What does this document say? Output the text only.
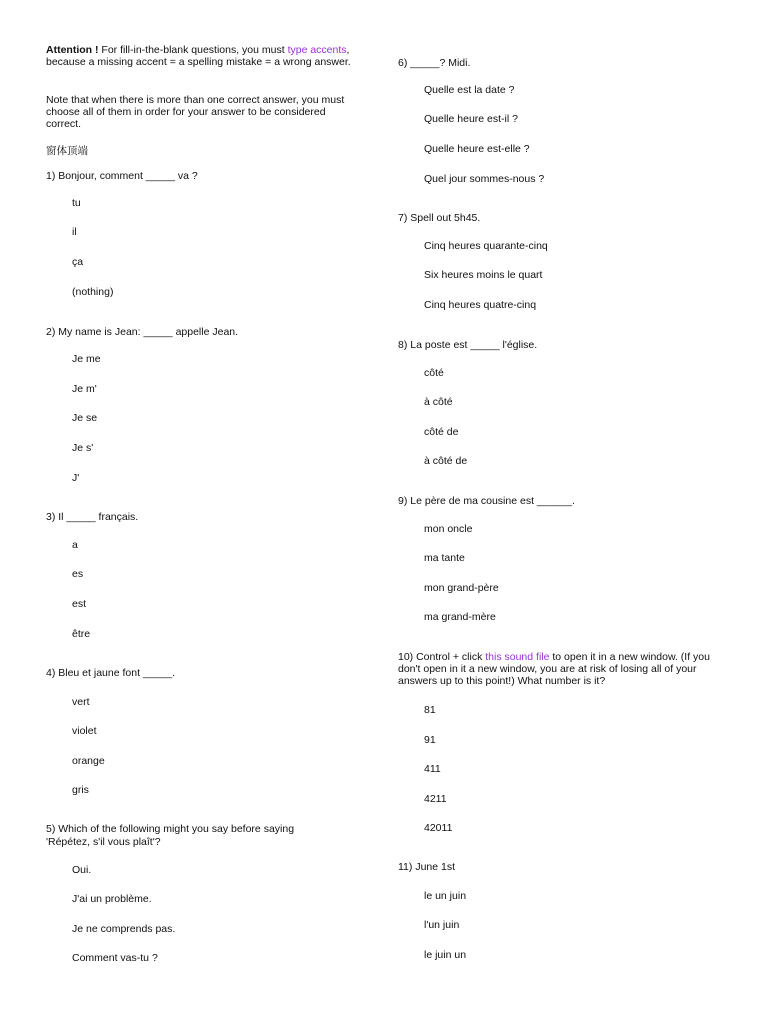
Attention ! For fill-in-the-blank questions, you must type accents, because a missing accent = a spelling mistake = a wrong answer.
Note that when there is more than one correct answer, you must choose all of them in order for your answer to be considered correct.
窗体顶端
1) Bonjour, comment _____ va ?
tu
il
ça
(nothing)
2) My name is Jean: _____ appelle Jean.
Je me
Je m'
Je se
Je s'
J'
3) Il _____ français.
a
es
est
être
4) Bleu et jaune font _____.
vert
violet
orange
gris
5) Which of the following might you say before saying
'Répétez, s'il vous plaît'?
Oui.
J'ai un problème.
Je ne comprends pas.
Comment vas-tu ?
6) _____? Midi.
Quelle est la date ?
Quelle heure est-il ?
Quelle heure est-elle ?
Quel jour sommes-nous ?
7) Spell out 5h45.
Cinq heures quarante-cinq
Six heures moins le quart
Cinq heures quatre-cinq
8) La poste est _____ l'église.
côté
à côté
côté de
à côté de
9) Le père de ma cousine est ______.
mon oncle
ma tante
mon grand-père
ma grand-mère
10) Control + click this sound file to open it in a new window. (If you don't open in it a new window, you are at risk of losing all of your answers up to this point!) What number is it?
81
91
411
4211
42011
11) June 1st
le un juin
l'un juin
le juin un
